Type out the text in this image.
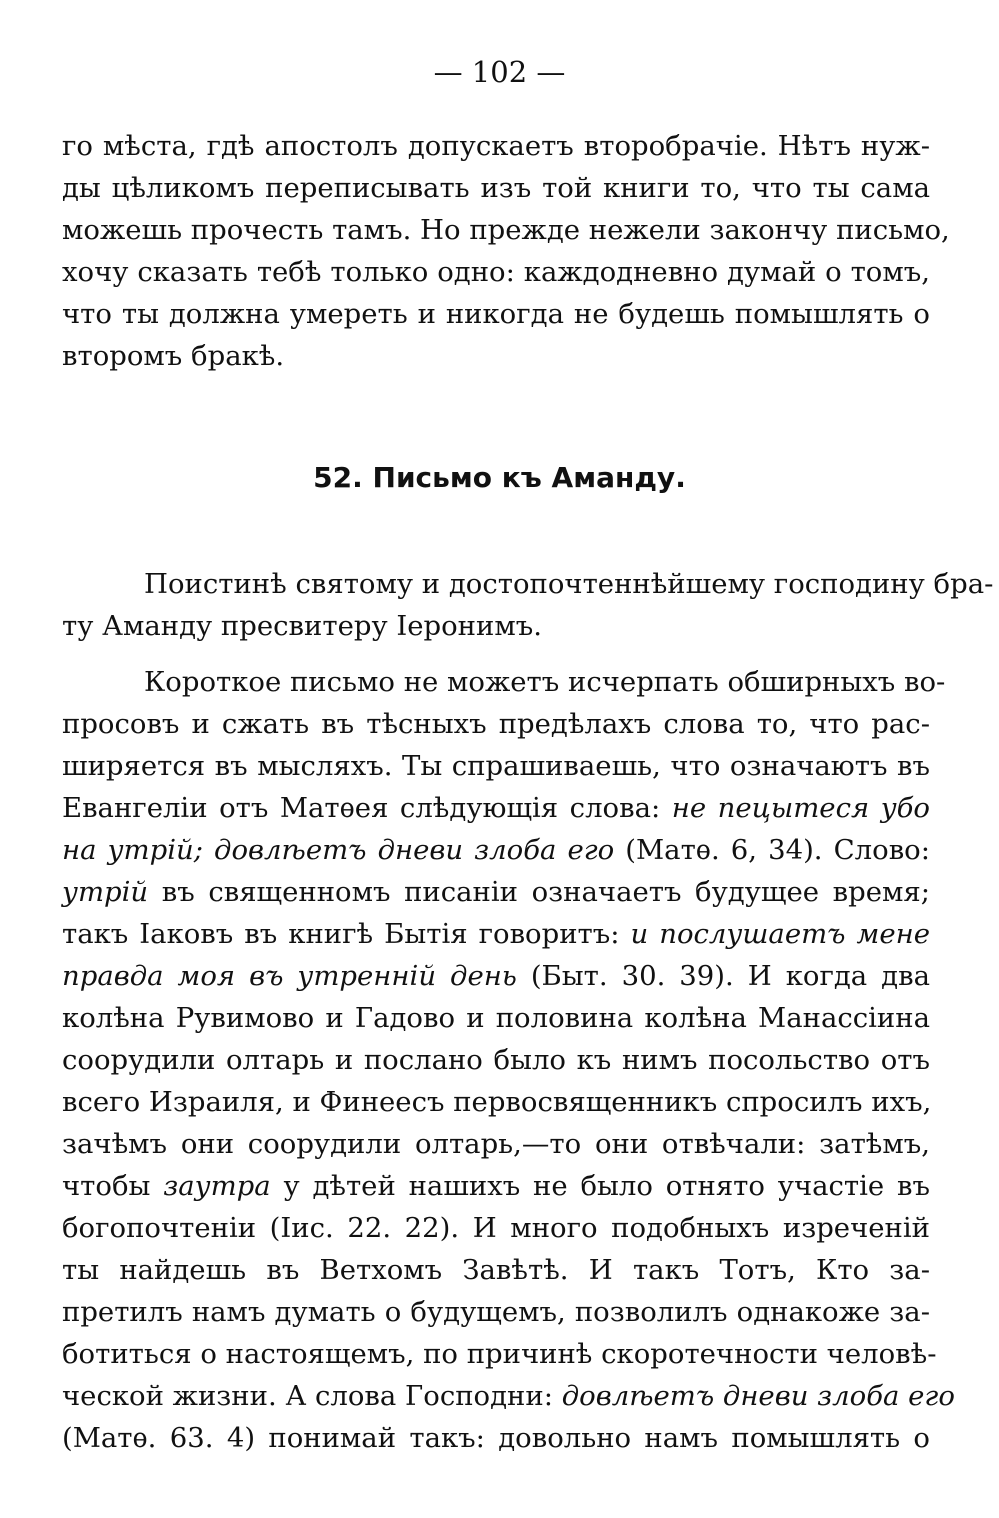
— 102 —
го мѣста, гдѣ апостолъ допускаетъ второбрачіе. Нѣтъ нуж-
ды цѣликомъ переписывать изъ той книги то, что ты сама
можешь прочесть тамъ. Но прежде нежели закончу письмо,
хочу сказать тебѣ только одно: каждодневно думай о томъ,
что ты должна умереть и никогда не будешь помышлять о
второмъ бракѣ.
52. Письмо къ Аманду.
Поистинѣ святому и достопочтеннѣйшему господину бра-
ту Аманду пресвитеру Іеронимъ.
Короткое письмо не можетъ исчерпать обширныхъ во-
просовъ и сжать въ тѣсныхъ предѣлахъ слова то, что рас-
ширяется въ мысляхъ. Ты спрашиваешь, что означаютъ въ
Евангеліи отъ Матѳея слѣдующія слова: не пецытеся убо
на утрій; довлѣетъ дневи злоба его (Матѳ. 6, 34). Слово:
утрій въ священномъ писаніи означаетъ будущее время;
такъ Іаковъ въ книгѣ Бытія говоритъ: и послушаетъ мене
правда моя въ утренній день (Быт. 30. 39). И когда два
колѣна Рувимово и Гадово и половина колѣна Манассіина
соорудили олтарь и послано было къ нимъ посольство отъ
всего Израиля, и Финеесъ первосвященникъ спросилъ ихъ,
зачѣмъ они соорудили олтарь,—то они отвѣчали: затѣмъ,
чтобы заутра у дѣтей нашихъ не было отнято участіе въ
богопочтеніи (Іис. 22. 22). И много подобныхъ изреченій
ты найдешь въ Ветхомъ Завѣтѣ. И такъ Тотъ, Кто за-
претилъ намъ думать о будущемъ, позволилъ однакоже за-
ботиться о настоящемъ, по причинѣ скоротечности человѣ-
ческой жизни. А слова Господни: довлѣетъ дневи злоба его
(Матѳ. 63. 4) понимай такъ: довольно намъ помышлять о
